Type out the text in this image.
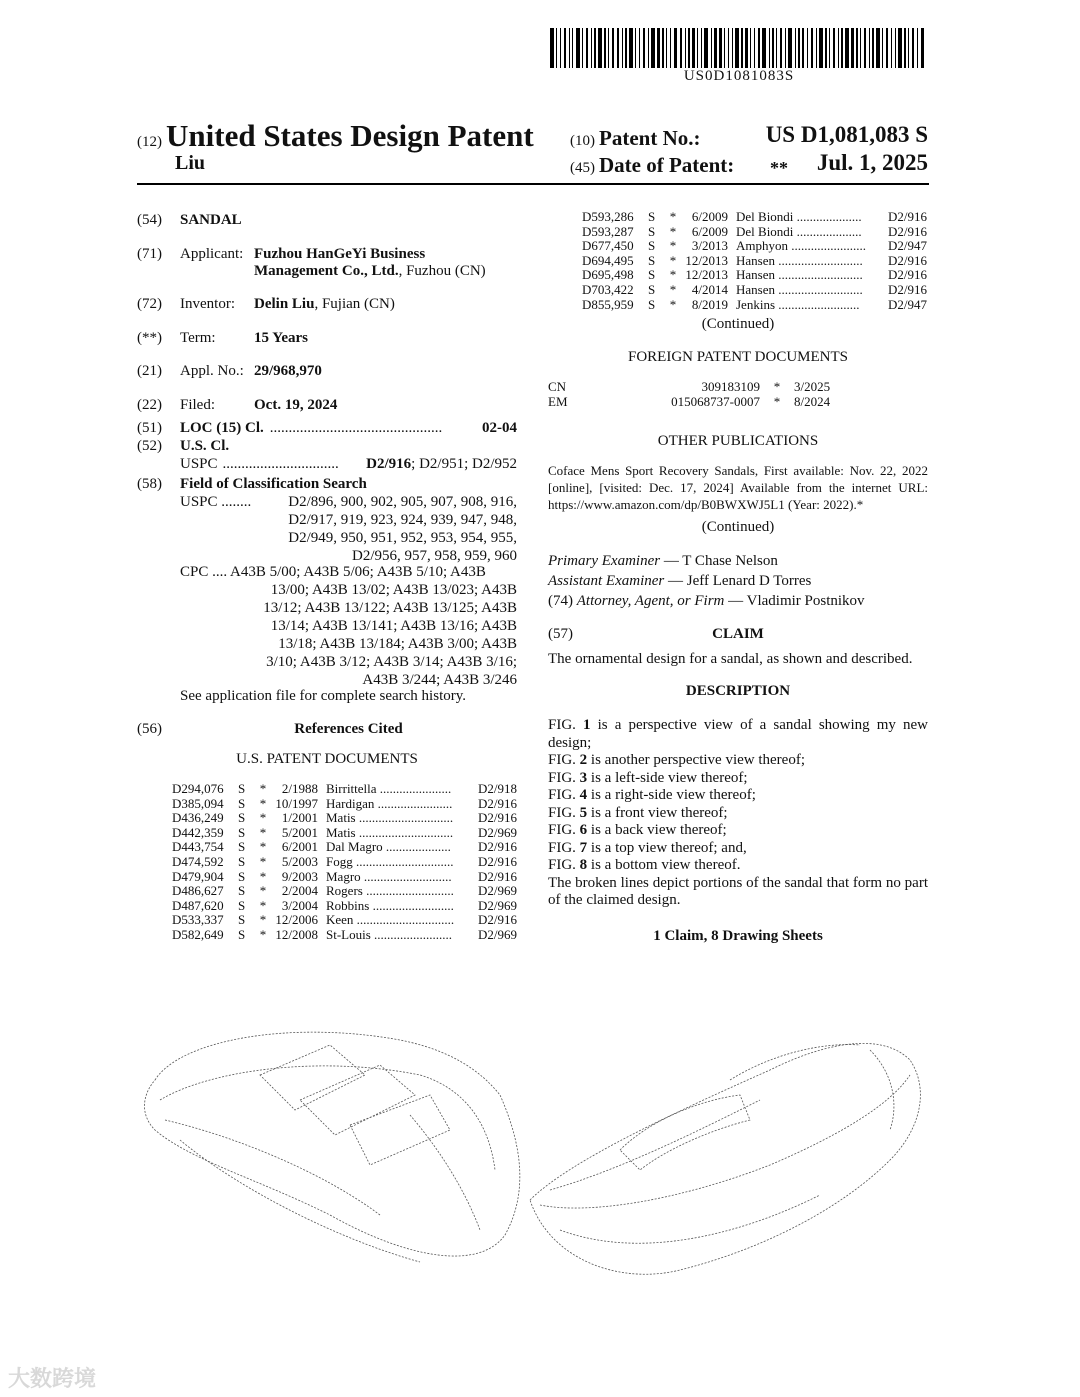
US0D1081083S
(12) United States Design Patent (10) Patent No.:	US D1,081,083 S
Liu	(45) Date of Patent: ** Jul. 1, 2025
(54) SANDAL
(71) Applicant: Fuzhou HanGeYi Business
Management Co., Ltd., Fuzhou (CN)
(72) Inventor: Delin Liu, Fujian (CN)
(**) Term:	15 Years
(21) Appl. No.: 29/968,970
(22) Filed:	Oct. 19, 2024
(51) LOC (15) Cl. ..............................................	02-04
(52) U.S. Cl.
USPC ...............................	D2/916 ; D2/951; D2/952
(58) Field of Classification Search
USPC ........	D2/896, 900, 902, 905, 907, 908, 916,
D2/917, 919, 923, 924, 939, 947, 948,
D2/949, 950, 951, 952, 953, 954, 955,
D2/956, 957, 958, 959, 960
CPC .... A43B 5/00; A43B 5/06; A43B 5/10; A43B
13/00; A43B 13/02; A43B 13/023; A43B
13/12; A43B 13/122; A43B 13/125; A43B
13/14; A43B 13/141; A43B 13/16; A43B
13/18; A43B 13/184; A43B 3/00; A43B
3/10; A43B 3/12; A43B 3/14; A43B 3/16;
A43B 3/244; A43B 3/246
See application file for complete search history.
(56)	References Cited
U.S. PATENT DOCUMENTS
D294,076	S	*	2/1988 Birrittella ......................	D2/918
D385,094	S	* 10/1997 Hardigan .......................	D2/916
D436,249	S	*	1/2001 Matis .............................	D2/916
D442,359	S	*	5/2001 Matis .............................	D2/969
D443,754	S	*	6/2001 Dal Magro ....................	D2/916
D474,592	S	*	5/2003 Fogg ..............................	D2/916
D479,904	S	*	9/2003 Magro ...........................	D2/916
D486,627	S	*	2/2004 Rogers ...........................	D2/969
D487,620	S	*	3/2004 Robbins .........................	D2/969
D533,337	S	* 12/2006 Keen ..............................	D2/916
D582,649	S	* 12/2008 St-Louis ........................	D2/969
D593,286	S	*	6/2009 Del Biondi ....................	D2/916
D593,287	S	*	6/2009 Del Biondi ....................	D2/916
D677,450	S	*	3/2013 Amphyon .......................	D2/947
D694,495	S	* 12/2013 Hansen ..........................	D2/916
D695,498	S	* 12/2013 Hansen ..........................	D2/916
D703,422	S	*	4/2014 Hansen ..........................	D2/916
D855,959	S	*	8/2019 Jenkins .........................	D2/947
(Continued)
FOREIGN PATENT DOCUMENTS
CN	309183109	*	3/2025
EM	015068737-0007	*	8/2024
OTHER PUBLICATIONS
Coface Mens Sport Recovery Sandals, First available: Nov. 22, 2022 [online], [visited: Dec. 17, 2024] Available from the internet URL: https://www.amazon.com/dp/B0BWXWJ5L1 (Year: 2022).*
(Continued)
Primary Examiner — T Chase Nelson
Assistant Examiner — Jeff Lenard D Torres
(74) Attorney, Agent, or Firm — Vladimir Postnikov
(57)	CLAIM
The ornamental design for a sandal, as shown and described.
DESCRIPTION
FIG. 1 is a perspective view of a sandal showing my new design;
FIG. 2 is another perspective view thereof;
FIG. 3 is a left-side view thereof;
FIG. 4 is a right-side view thereof;
FIG. 5 is a front view thereof;
FIG. 6 is a back view thereof;
FIG. 7 is a top view thereof; and,
FIG. 8 is a bottom view thereof.
The broken lines depict portions of the sandal that form no part of the claimed design.
1 Claim, 8 Drawing Sheets
大数跨境
